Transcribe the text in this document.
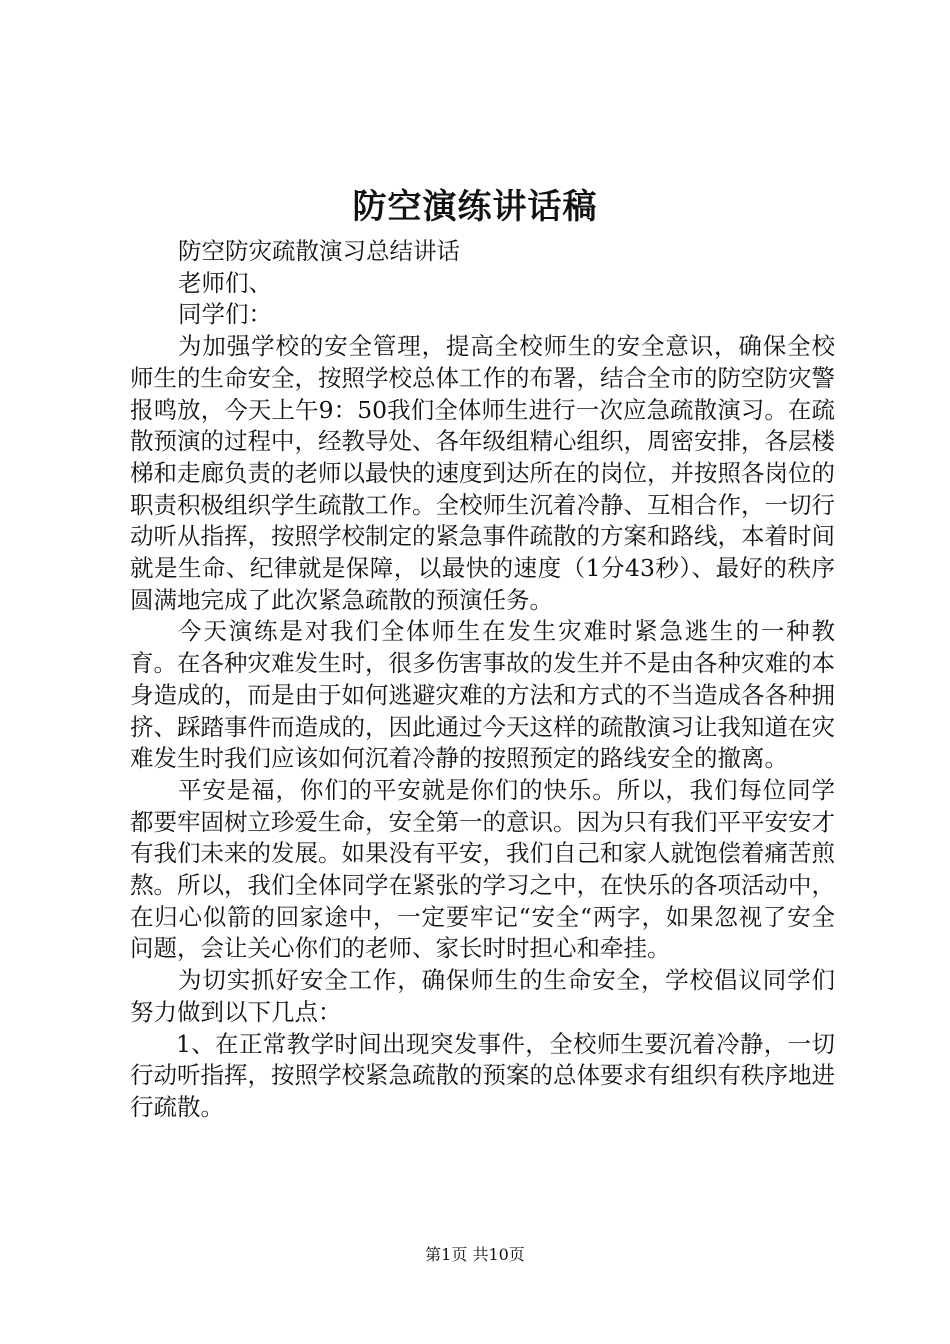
防空演练讲话稿
防空防灾疏散演习总结讲话
老师们、
同学们：

为加强学校的安全管理，提高全校师生的安全意识，确保全校师生的生命安全，按照学校总体工作的布署，结合全市的防空防灾警报鸣放，今天上午9：50我们全体师生进行一次应急疏散演习。在疏散预演的过程中，经教导处、各年级组精心组织，周密安排，各层楼梯和走廊负责的老师以最快的速度到达所在的岗位，并按照各岗位的职责积极组织学生疏散工作。全校师生沉着冷静、互相合作，一切行动听从指挥，按照学校制定的紧急事件疏散的方案和路线，本着时间就是生命、纪律就是保障，以最快的速度（1分43秒）、最好的秩序圆满地完成了此次紧急疏散的预演任务。

今天演练是对我们全体师生在发生灾难时紧急逃生的一种教育。在各种灾难发生时，很多伤害事故的发生并不是由各种灾难的本身造成的，而是由于如何逃避灾难的方法和方式的不当造成各各种拥挤、踩踏事件而造成的，因此通过今天这样的疏散演习让我知道在灾难发生时我们应该如何沉着冷静的按照预定的路线安全的撤离。

平安是福，你们的平安就是你们的快乐。所以，我们每位同学都要牢固树立珍爱生命，安全第一的意识。因为只有我们平平安安才有我们未来的发展。如果没有平安，我们自己和家人就饱偿着痛苦煎熬。所以，我们全体同学在紧张的学习之中，在快乐的各项活动中，在归心似箭的回家途中，一定要牢记“安全“两字，如果忽视了安全问题，会让关心你们的老师、家长时时担心和牵挂。

为切实抓好安全工作，确保师生的生命安全，学校倡议同学们努力做到以下几点：

1、在正常教学时间出现突发事件，全校师生要沉着冷静，一切行动听指挥，按照学校紧急疏散的预案的总体要求有组织有秩序地进行疏散。

第1页 共10页
